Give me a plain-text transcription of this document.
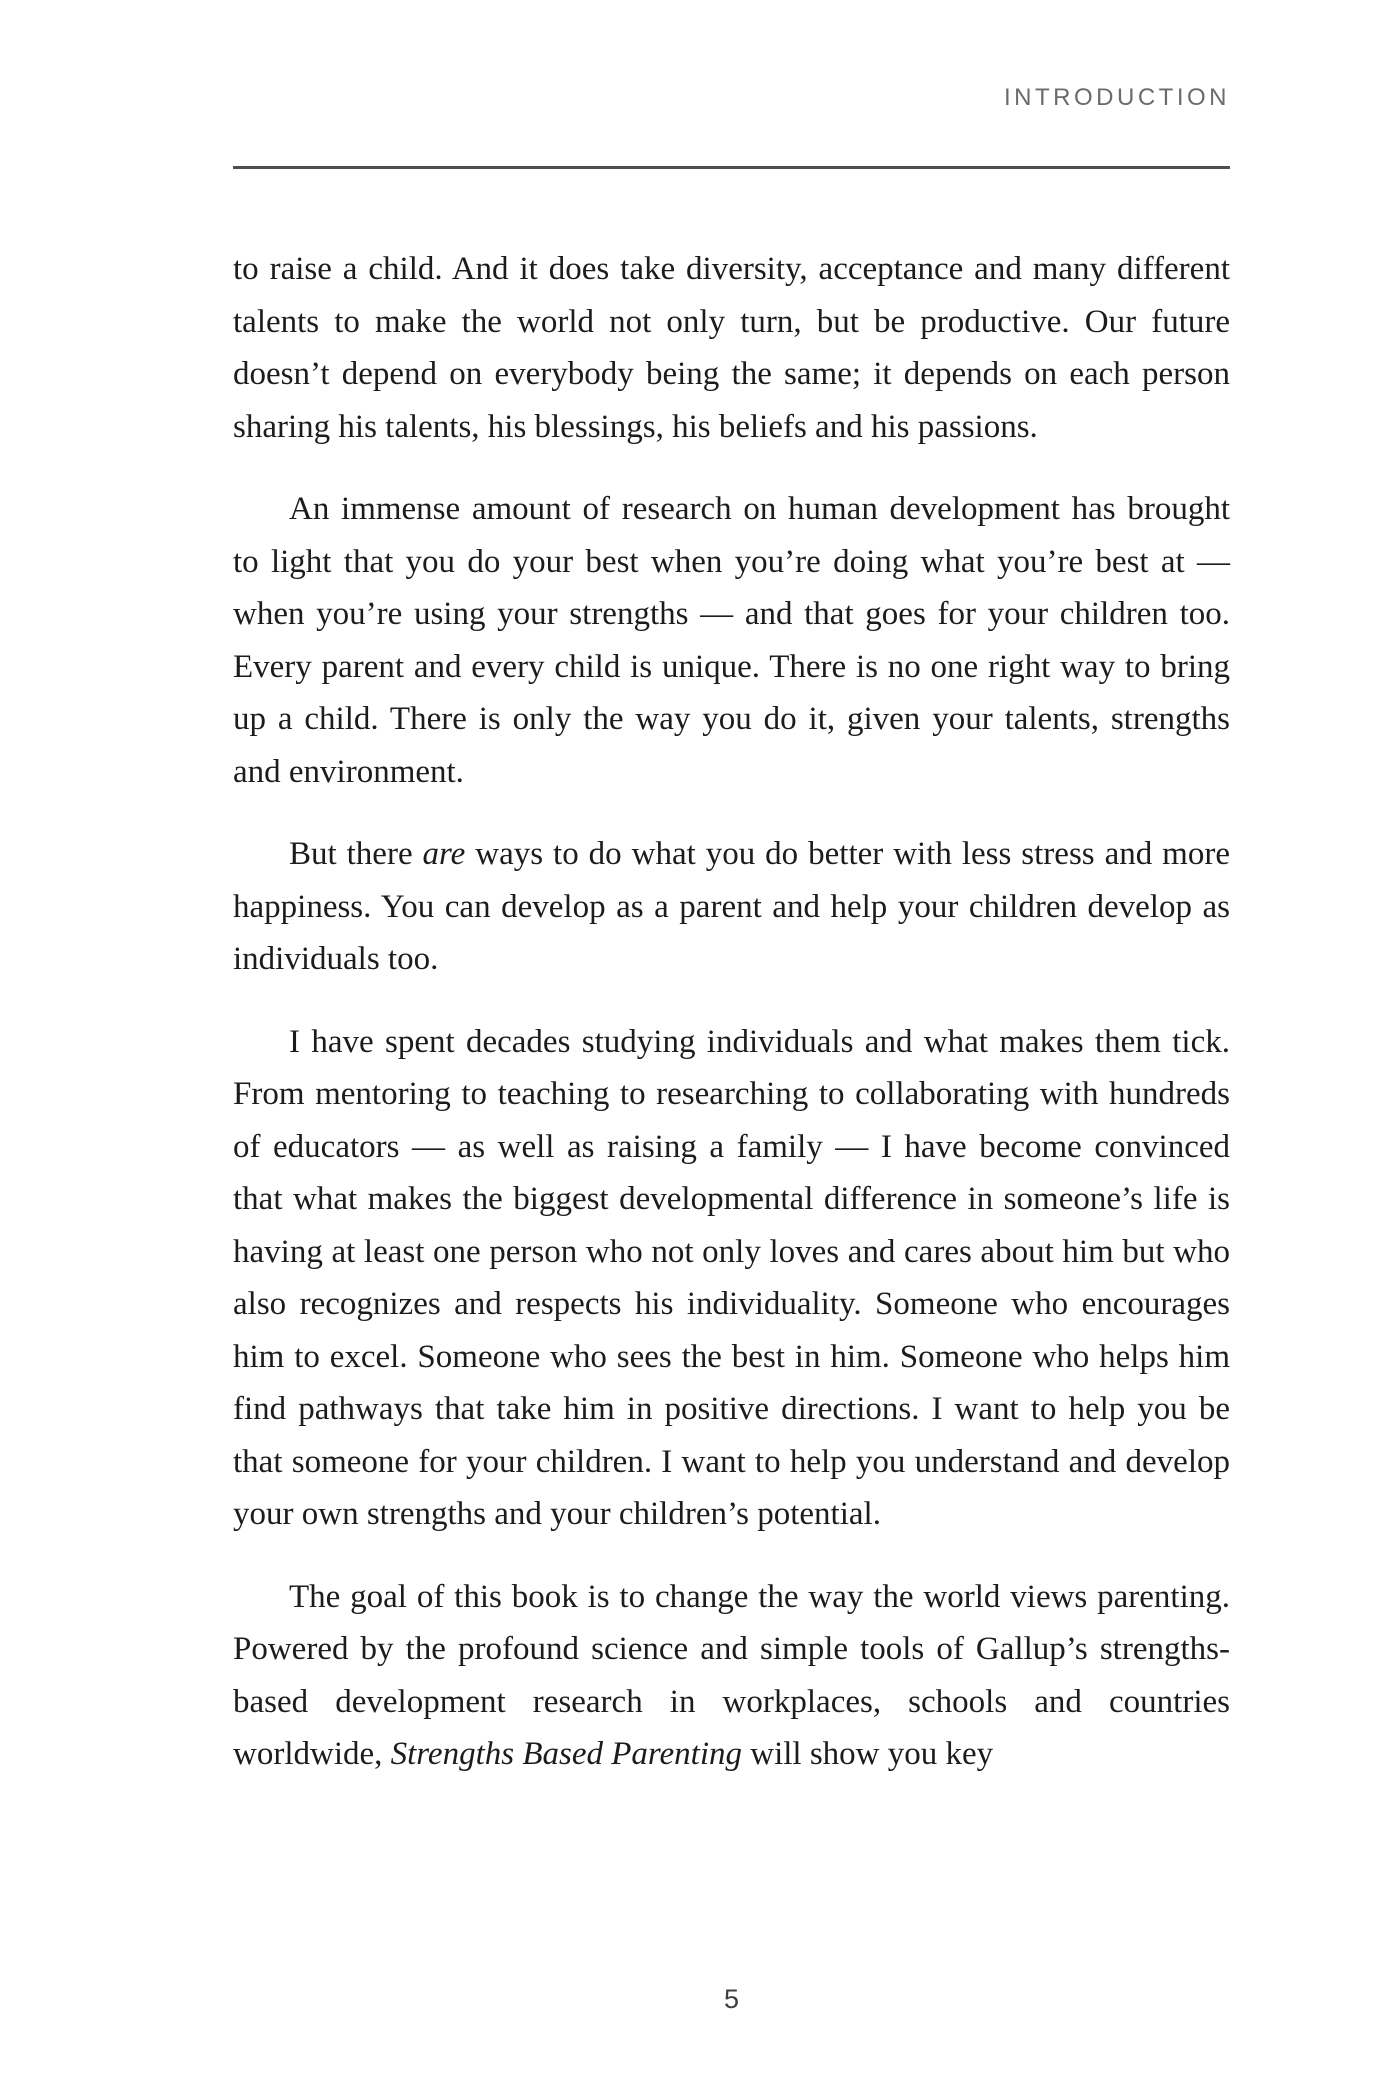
INTRODUCTION

to raise a child. And it does take diversity, acceptance and many different talents to make the world not only turn, but be productive. Our future doesn’t depend on everybody being the same; it depends on each person sharing his talents, his blessings, his beliefs and his passions.

An immense amount of research on human development has brought to light that you do your best when you’re doing what you’re best at — when you’re using your strengths — and that goes for your children too. Every parent and every child is unique. There is no one right way to bring up a child. There is only the way you do it, given your talents, strengths and environment.

But there are ways to do what you do better with less stress and more happiness. You can develop as a parent and help your children develop as individuals too.

I have spent decades studying individuals and what makes them tick. From mentoring to teaching to researching to collaborating with hundreds of educators — as well as raising a family — I have become convinced that what makes the biggest developmental difference in someone’s life is having at least one person who not only loves and cares about him but who also recognizes and respects his individuality. Someone who encourages him to excel. Someone who sees the best in him. Someone who helps him find pathways that take him in positive directions. I want to help you be that someone for your children. I want to help you understand and develop your own strengths and your children’s potential.

The goal of this book is to change the way the world views parenting. Powered by the profound science and simple tools of Gallup’s strengths-based development research in workplaces, schools and countries worldwide, Strengths Based Parenting will show you key

5
